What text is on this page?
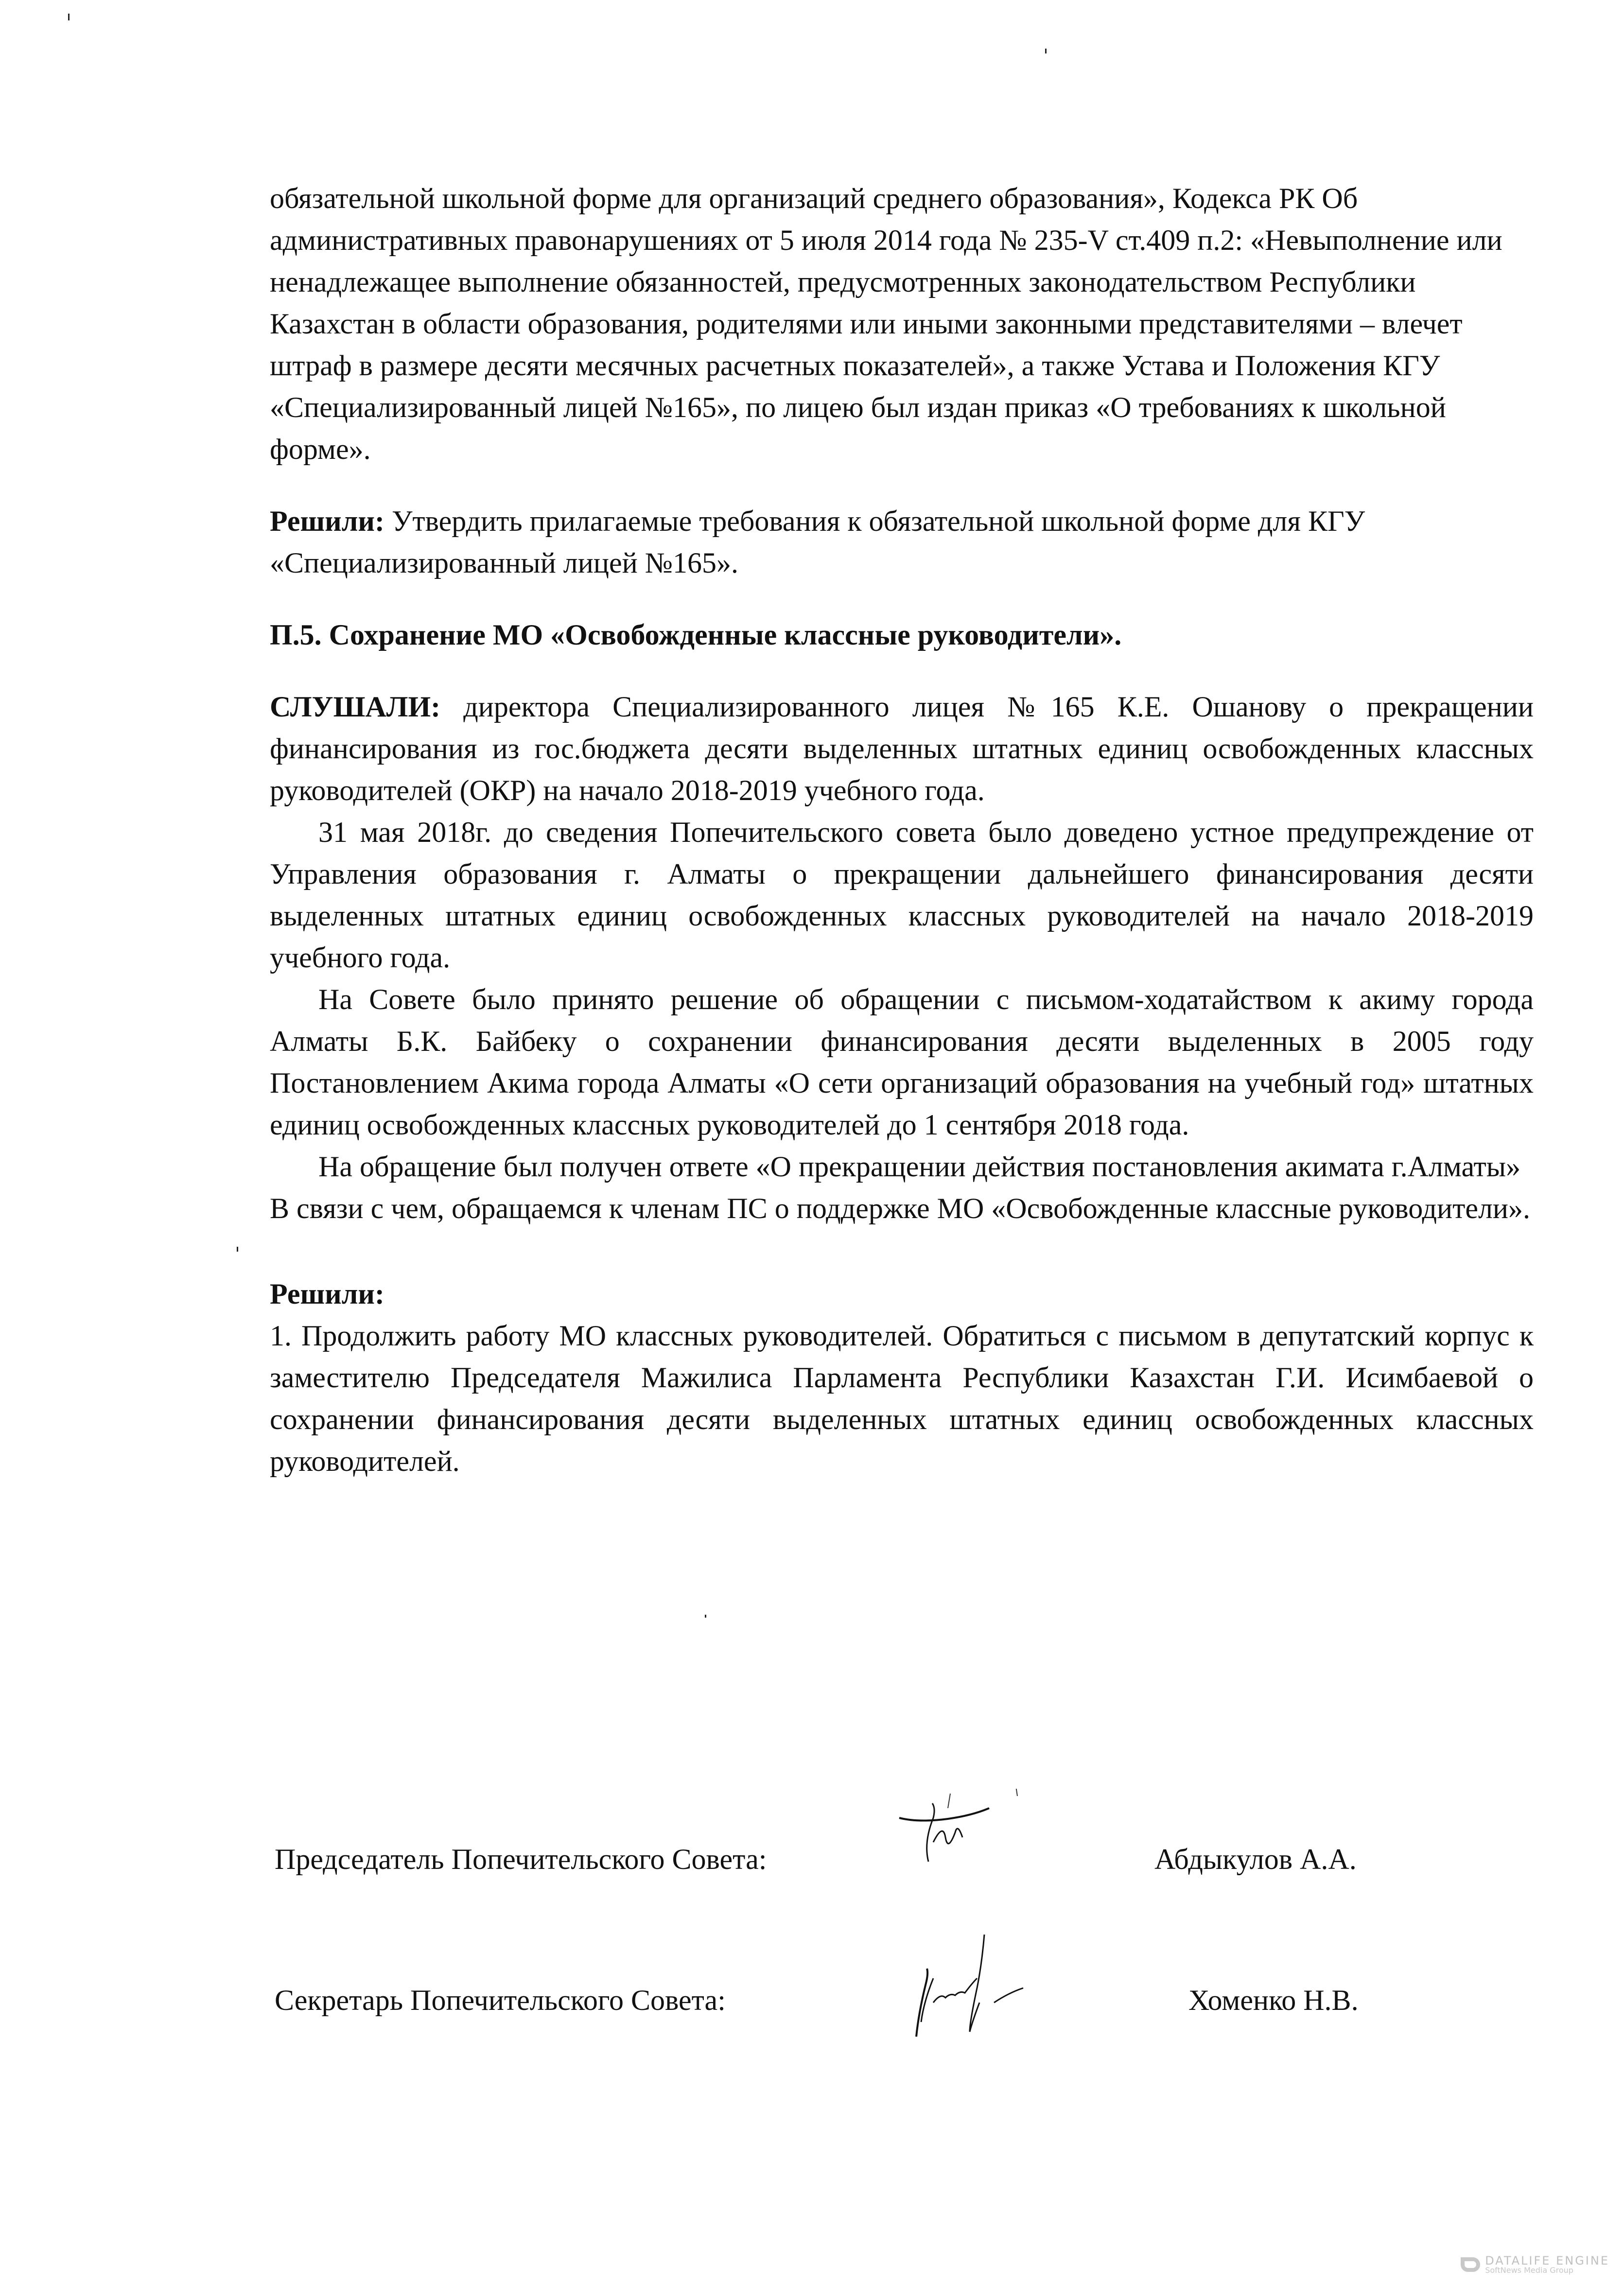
обязательной школьной форме для организаций среднего образования», Кодекса РК Об административных правонарушениях от 5 июля 2014 года № 235-V ст.409 п.2: «Невыполнение или ненадлежащее выполнение обязанностей, предусмотренных законодательством Республики Казахстан в области образования, родителями или иными законными представителями – влечет штраф в размере десяти месячных расчетных показателей», а также Устава и Положения КГУ «Специализированный лицей №165», по лицею был издан приказ «О требованиях к школьной форме».

Решили: Утвердить прилагаемые требования к обязательной школьной форме для КГУ «Специализированный лицей №165».

П.5. Сохранение МО «Освобожденные классные руководители».

СЛУШАЛИ: директора Специализированного лицея №165 К.Е. Ошанову о прекращении финансирования из гос.бюджета десяти выделенных штатных единиц освобожденных классных руководителей (ОКР) на начало 2018-2019 учебного года.

31 мая 2018г. до сведения Попечительского совета было доведено устное предупреждение от Управления образования г. Алматы о прекращении дальнейшего финансирования десяти выделенных штатных единиц освобожденных классных руководителей на начало 2018-2019 учебного года.

На Совете было принято решение об обращении с письмом-ходатайством к акиму города Алматы Б.К. Байбеку о сохранении финансирования десяти выделенных в 2005 году Постановлением Акима города Алматы «О сети организаций образования на учебный год» штатных единиц освобожденных классных руководителей до 1 сентября 2018 года.

На обращение был получен ответе «О прекращении действия постановления акимата г.Алматы»

В связи с чем, обращаемся к членам ПС о поддержке МО «Освобожденные классные руководители».

Решили:

1. Продолжить работу МО классных руководителей. Обратиться с письмом в депутатский корпус к заместителю Председателя Мажилиса Парламента Республики Казахстан Г.И. Исимбаевой о сохранении финансирования десяти выделенных штатных единиц освобожденных классных руководителей.

Председатель Попечительского Совета:	Абдыкулов А.А.
Секретарь Попечительского Совета:	Хоменко Н.В.
DATALIFE ENGINE
SoftNews Media Group
